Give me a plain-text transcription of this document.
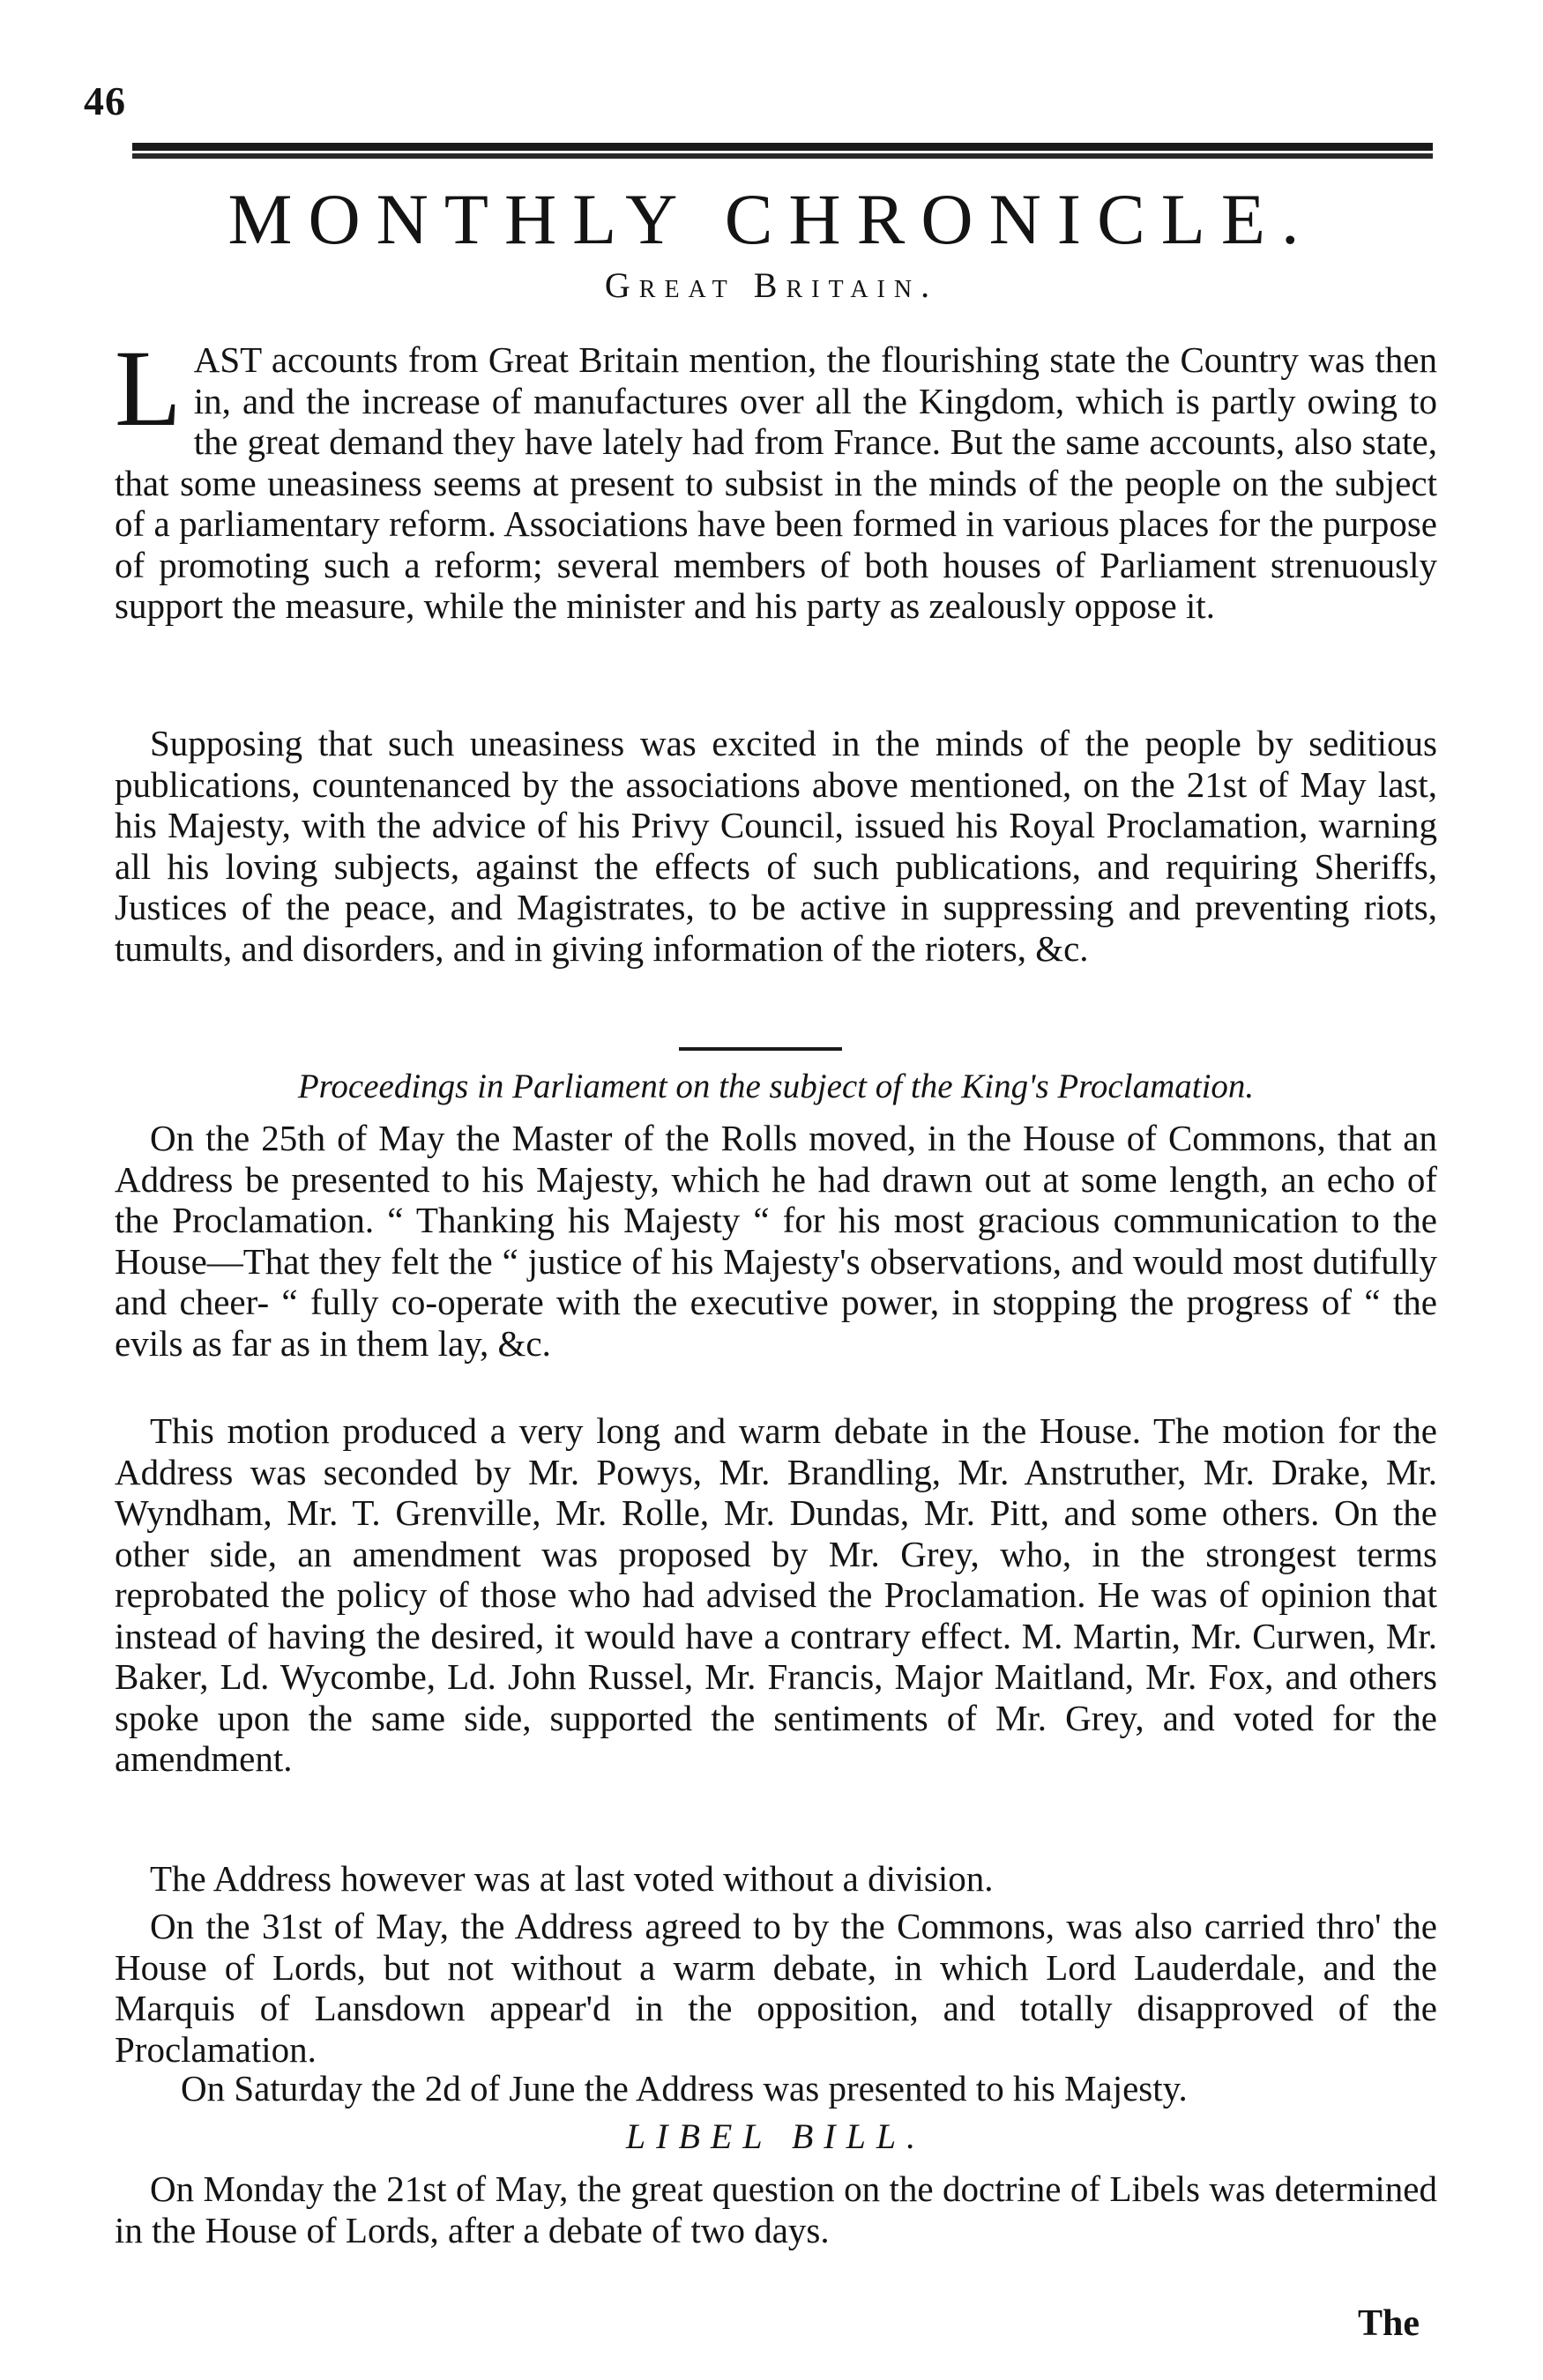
46
MONTHLY CHRONICLE.
Great Britain.
L AST accounts from Great Britain mention, the flourishing state the Country was then in, and the increase of manufactures over all the Kingdom, which is partly owing to the great demand they have lately had from France. But the same accounts, also state, that some uneasiness seems at present to subsist in the minds of the people on the subject of a parliamentary reform. Associations have been formed in various places for the purpose of promoting such a reform; several members of both houses of Parliament strenuously support the measure, while the minister and his party as zealously oppose it.
Supposing that such uneasiness was excited in the minds of the people by seditious publications, countenanced by the associations above mentioned, on the 21st of May last, his Majesty, with the advice of his Privy Council, issued his Royal Proclamation, warning all his loving subjects, against the effects of such publications, and requiring Sheriffs, Justices of the peace, and Magistrates, to be active in suppressing and preventing riots, tumults, and disorders, and in giving information of the rioters, &c.
Proceedings in Parliament on the subject of the King's Proclamation.
On the 25th of May the Master of the Rolls moved, in the House of Commons, that an Address be presented to his Majesty, which he had drawn out at some length, an echo of the Proclamation. “ Thanking his Majesty “ for his most gracious communication to the House—That they felt the “ justice of his Majesty's observations, and would most dutifully and cheer- “ fully co-operate with the executive power, in stopping the progress of “ the evils as far as in them lay, &c.
This motion produced a very long and warm debate in the House. The motion for the Address was seconded by Mr. Powys, Mr. Brandling, Mr. Anstruther, Mr. Drake, Mr. Wyndham, Mr. T. Grenville, Mr. Rolle, Mr. Dundas, Mr. Pitt, and some others. On the other side, an amendment was proposed by Mr. Grey, who, in the strongest terms reprobated the policy of those who had advised the Proclamation. He was of opinion that instead of having the desired, it would have a contrary effect. M. Martin, Mr. Curwen, Mr. Baker, Ld. Wycombe, Ld. John Russel, Mr. Francis, Major Maitland, Mr. Fox, and others spoke upon the same side, supported the sentiments of Mr. Grey, and voted for the amendment.
The Address however was at last voted without a division.
On the 31st of May, the Address agreed to by the Commons, was also carried thro' the House of Lords, but not without a warm debate, in which Lord Lauderdale, and the Marquis of Lansdown appear'd in the opposition, and totally disapproved of the Proclamation.
On Saturday the 2d of June the Address was presented to his Majesty.
LIBEL BILL.
On Monday the 21st of May, the great question on the doctrine of Libels was determined in the House of Lords, after a debate of two days.
The
